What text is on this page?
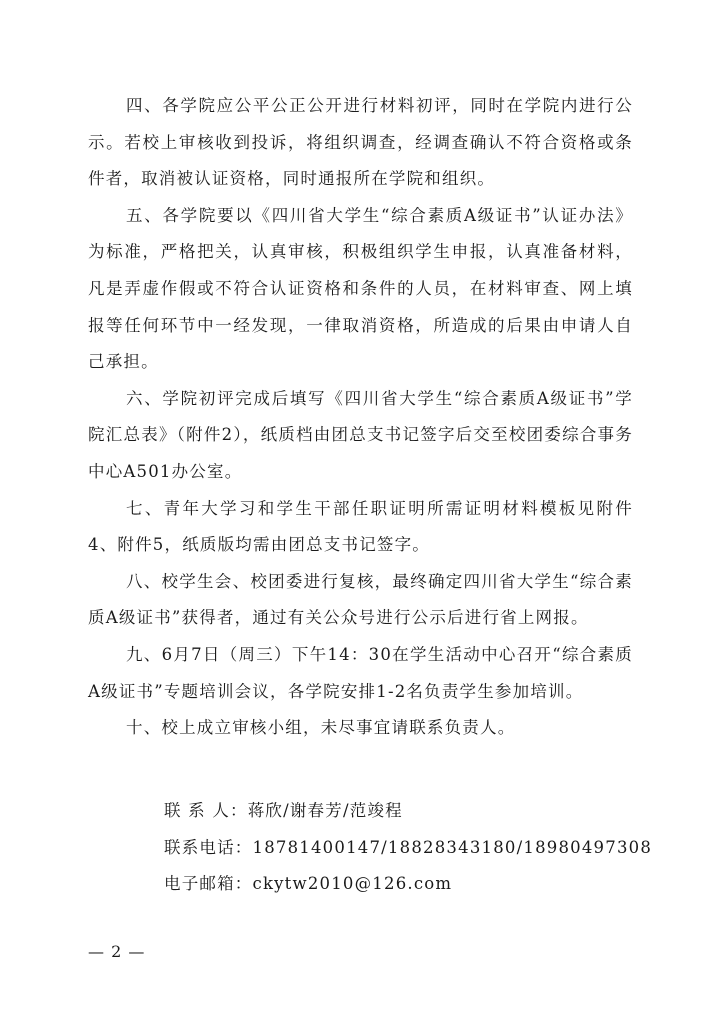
四、各学院应公平公正公开进行材料初评，同时在学院内进行公示。若校上审核收到投诉，将组织调查，经调查确认不符合资格或条件者，取消被认证资格，同时通报所在学院和组织。

五、各学院要以《四川省大学生“综合素质A级证书”认证办法》为标准，严格把关，认真审核，积极组织学生申报，认真准备材料，凡是弄虚作假或不符合认证资格和条件的人员，在材料审查、网上填报等任何环节中一经发现，一律取消资格，所造成的后果由申请人自己承担。

六、学院初评完成后填写《四川省大学生“综合素质A级证书”学院汇总表》（附件2），纸质档由团总支书记签字后交至校团委综合事务中心A501办公室。

七、青年大学习和学生干部任职证明所需证明材料模板见附件4、附件5，纸质版均需由团总支书记签字。

八、校学生会、校团委进行复核，最终确定四川省大学生“综合素质A级证书”获得者，通过有关公众号进行公示后进行省上网报。

九、6月7日（周三）下午14：30在学生活动中心召开“综合素质A级证书”专题培训会议，各学院安排1-2名负责学生参加培训。

十、校上成立审核小组，未尽事宜请联系负责人。

联 系 人：蒋欣/谢春芳/范竣程
联系电话：18781400147/18828343180/18980497308
电子邮箱：ckytw2010@126.com
— 2 —
